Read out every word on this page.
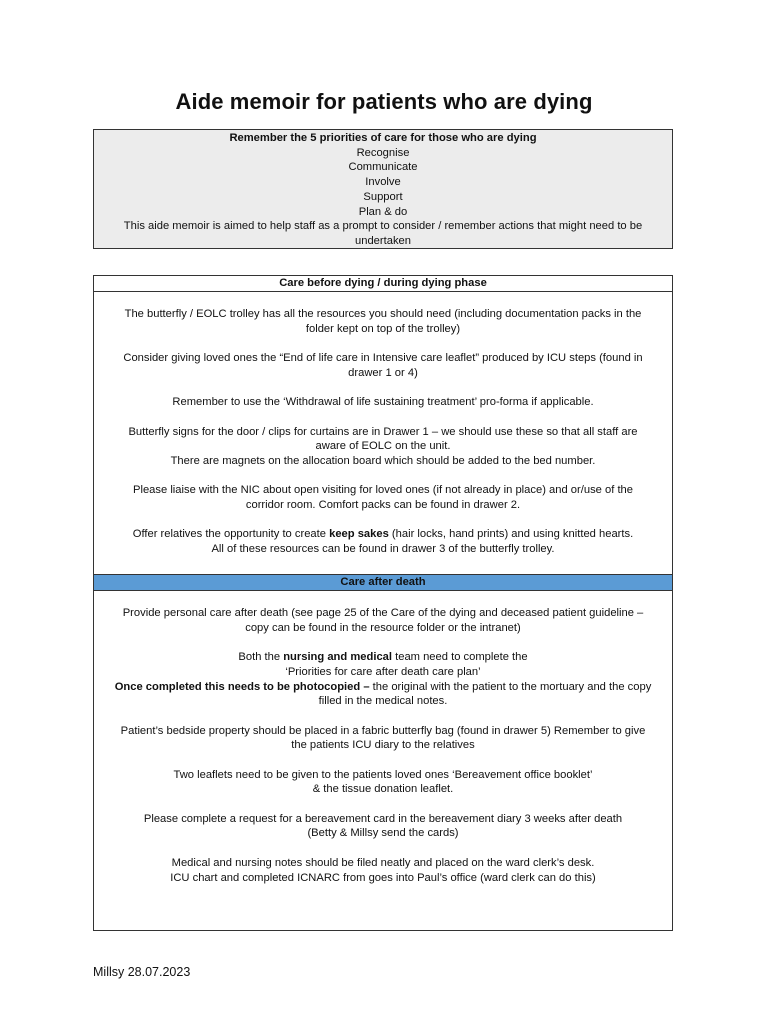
Aide memoir for patients who are dying
Remember the 5 priorities of care for those who are dying
Recognise
Communicate
Involve
Support
Plan & do
This aide memoir is aimed to help staff as a prompt to consider / remember actions that might need to be
undertaken
Care before dying / during dying phase

The butterfly / EOLC trolley has all the resources you should need (including documentation packs in the
folder kept on top of the trolley)

Consider giving loved ones the “End of life care in Intensive care leaflet” produced by ICU steps (found in
drawer 1 or 4)

Remember to use the ‘Withdrawal of life sustaining treatment’ pro-forma if applicable.

Butterfly signs for the door / clips for curtains are in Drawer 1 – we should use these so that all staff are
aware of EOLC on the unit.
There are magnets on the allocation board which should be added to the bed number.

Please liaise with the NIC about open visiting for loved ones (if not already in place) and or/use of the
corridor room. Comfort packs can be found in drawer 2.

Offer relatives the opportunity to create keep sakes (hair locks, hand prints) and using knitted hearts.
All of these resources can be found in drawer 3 of the butterfly trolley.

Care after death

Provide personal care after death (see page 25 of the Care of the dying and deceased patient guideline –
copy can be found in the resource folder or the intranet)

Both the nursing and medical team need to complete the
‘Priorities for care after death care plan’
Once completed this needs to be photocopied – the original with the patient to the mortuary and the copy
filled in the medical notes.

Patient’s bedside property should be placed in a fabric butterfly bag (found in drawer 5) Remember to give
the patients ICU diary to the relatives

Two leaflets need to be given to the patients loved ones ‘Bereavement office booklet’
& the tissue donation leaflet.

Please complete a request for a bereavement card in the bereavement diary 3 weeks after death
(Betty & Millsy send the cards)

Medical and nursing notes should be filed neatly and placed on the ward clerk’s desk.
ICU chart and completed ICNARC from goes into Paul’s office (ward clerk can do this)

Millsy 28.07.2023
